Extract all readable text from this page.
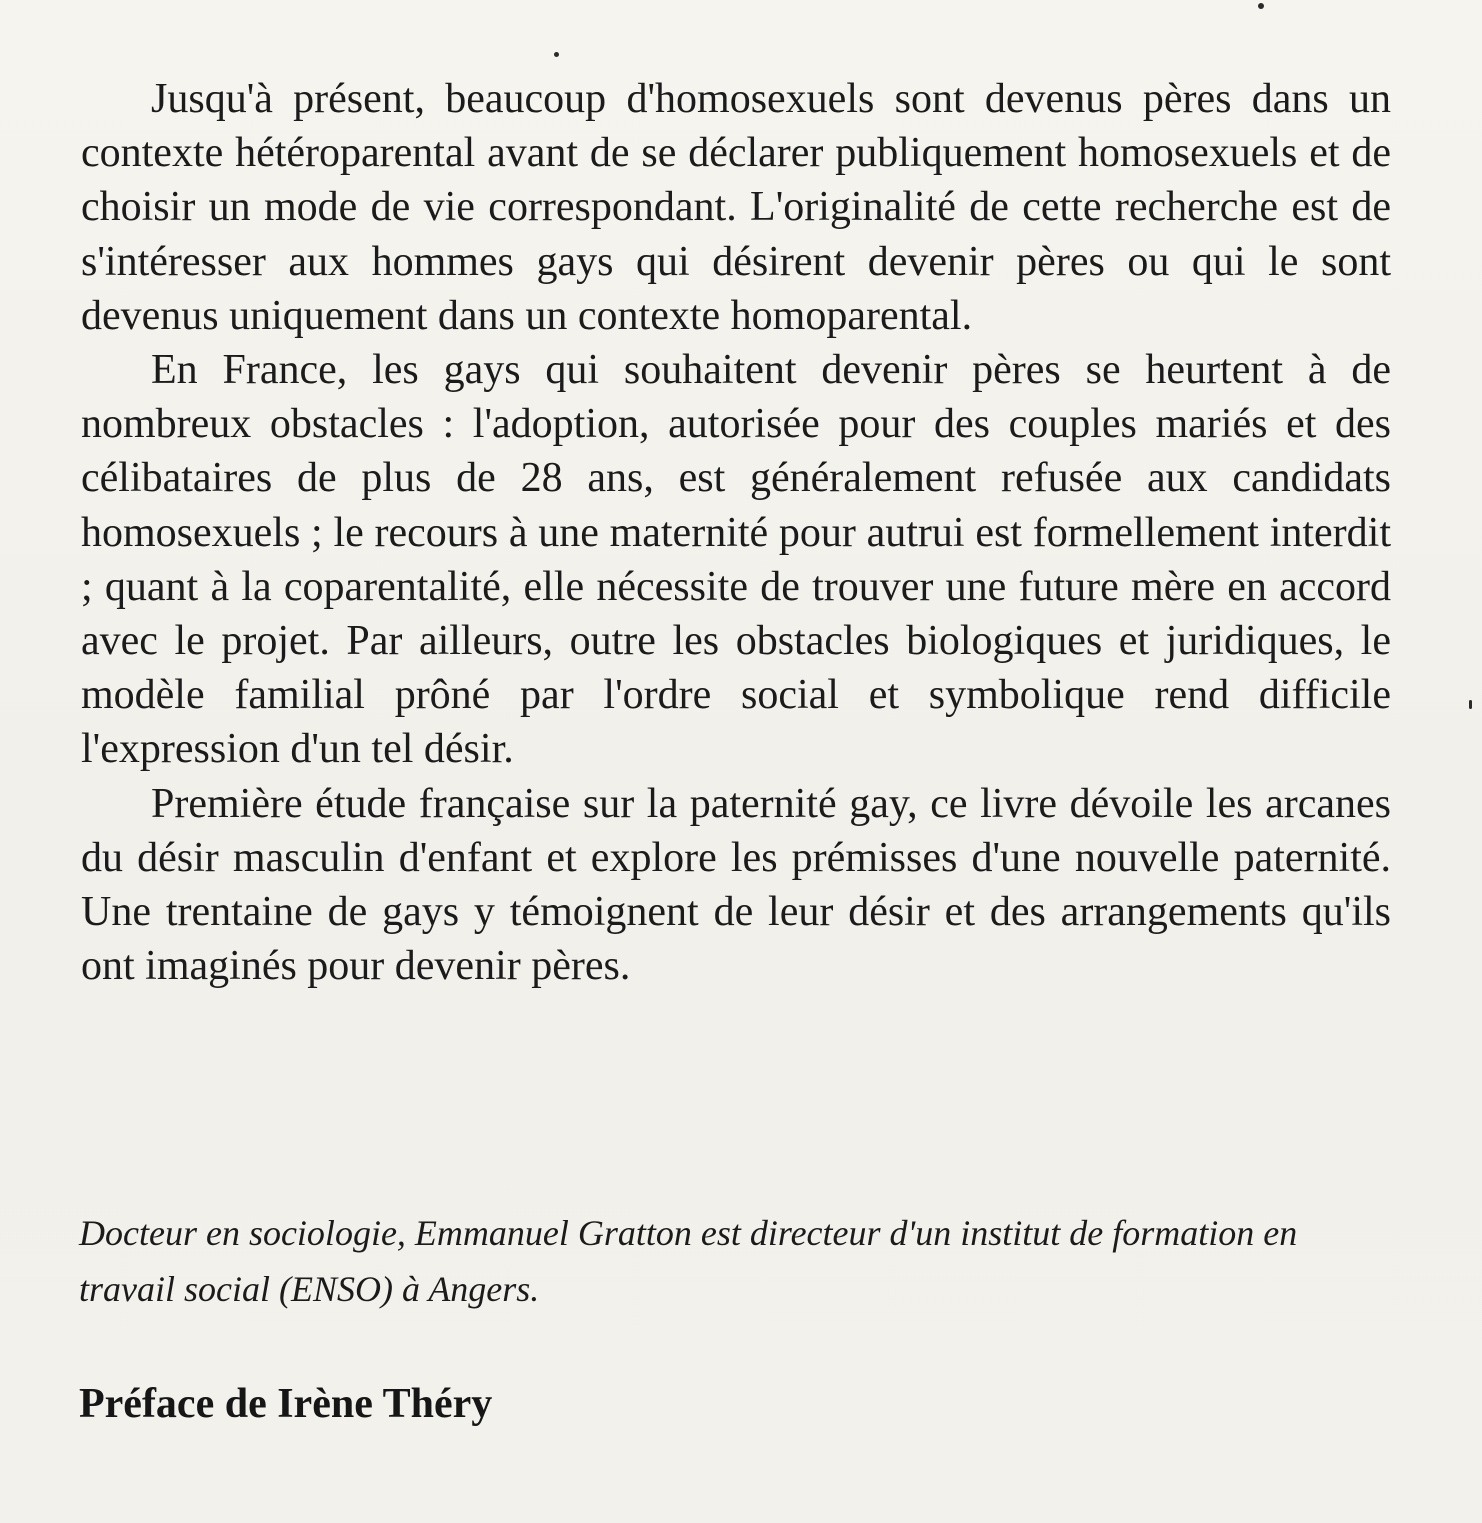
Jusqu'à présent, beaucoup d'homosexuels sont devenus pères dans un contexte hétéroparental avant de se déclarer publiquement homosexuels et de choisir un mode de vie correspondant. L'originalité de cette recherche est de s'intéresser aux hommes gays qui désirent devenir pères ou qui le sont devenus uniquement dans un contexte homoparental.

En France, les gays qui souhaitent devenir pères se heurtent à de nombreux obstacles : l'adoption, autorisée pour des couples mariés et des célibataires de plus de 28 ans, est généralement refusée aux candidats homosexuels ; le recours à une maternité pour autrui est formellement interdit ; quant à la coparentalité, elle nécessite de trouver une future mère en accord avec le projet. Par ailleurs, outre les obstacles biologiques et juridiques, le modèle familial prôné par l'ordre social et symbolique rend difficile l'expression d'un tel désir.

Première étude française sur la paternité gay, ce livre dévoile les arcanes du désir masculin d'enfant et explore les prémisses d'une nouvelle paternité. Une trentaine de gays y témoignent de leur désir et des arrangements qu'ils ont imaginés pour devenir pères.

Docteur en sociologie, Emmanuel Gratton est directeur d'un institut de formation en travail social (ENSO) à Angers.

Préface de Irène Théry
